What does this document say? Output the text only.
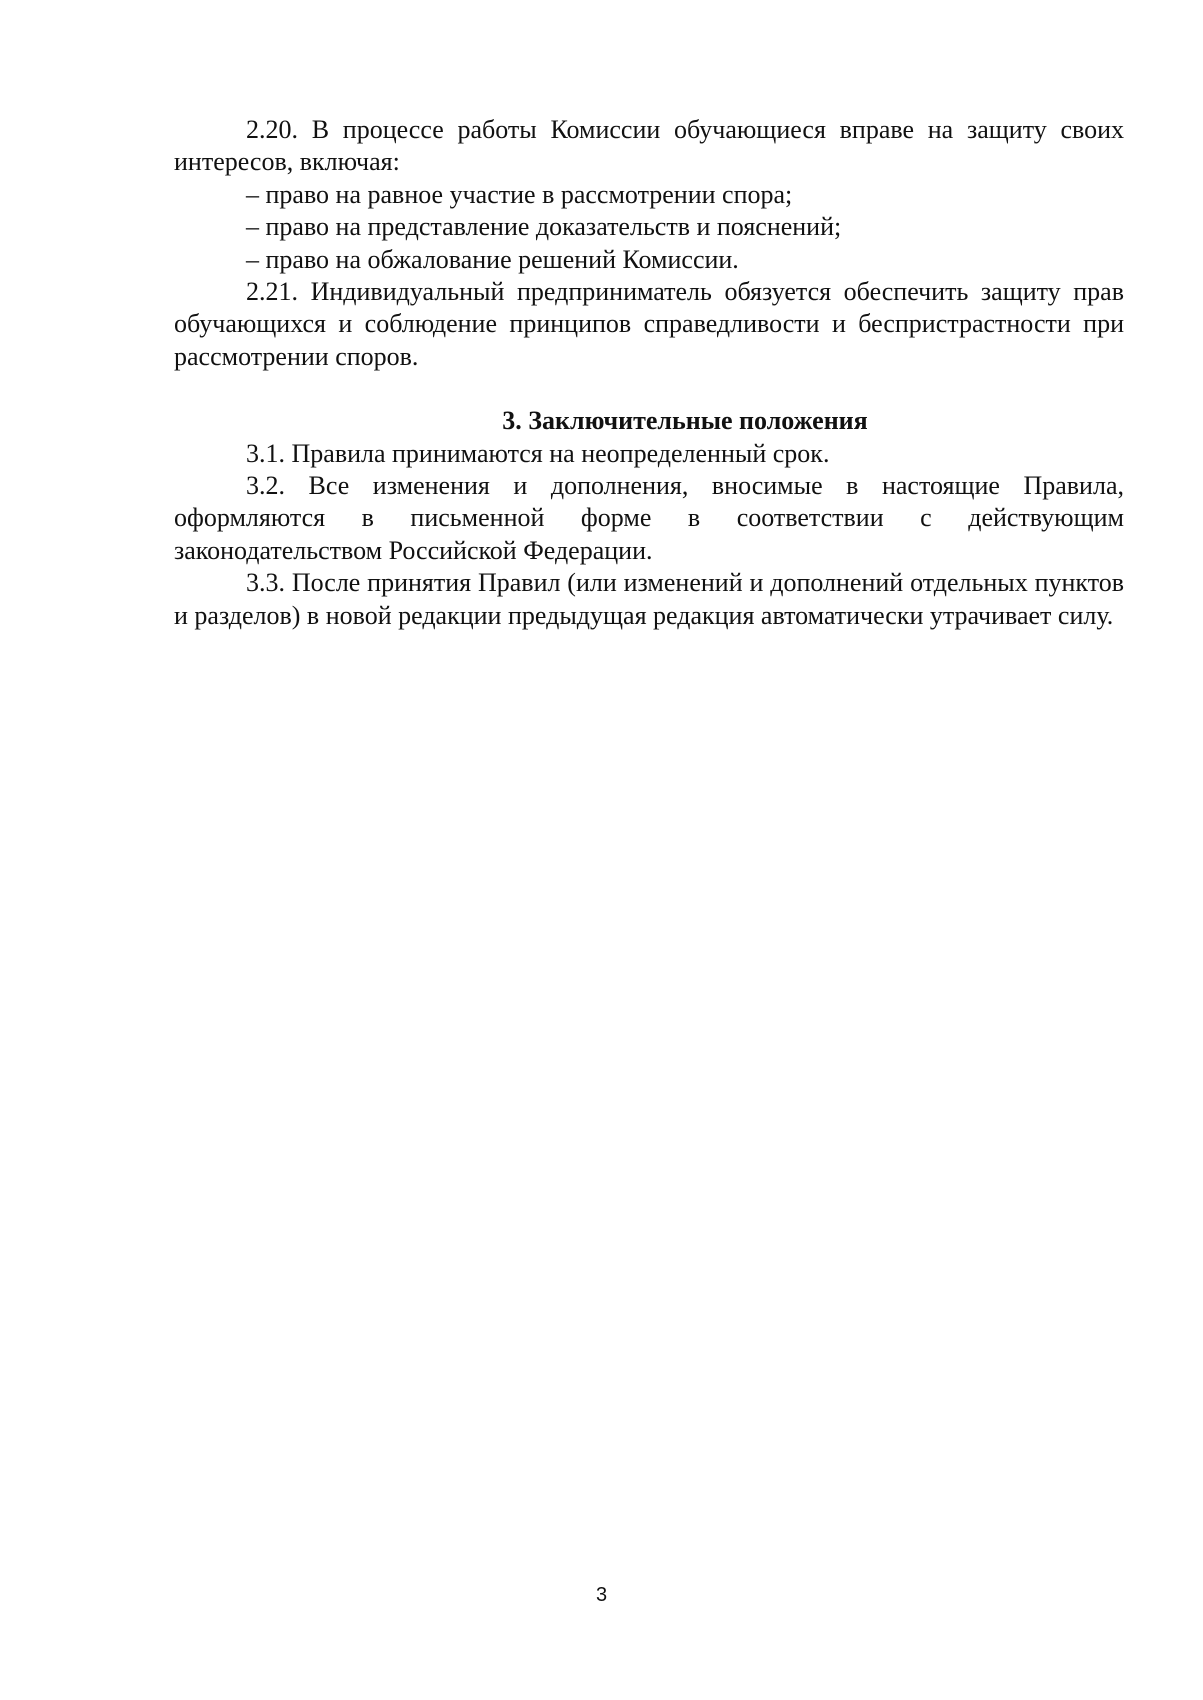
2.20. В процессе работы Комиссии обучающиеся вправе на защиту своих интересов, включая:

– право на равное участие в рассмотрении спора;

– право на представление доказательств и пояснений;

– право на обжалование решений Комиссии.

2.21. Индивидуальный предприниматель обязуется обеспечить защиту прав обучающихся и соблюдение принципов справедливости и беспристрастности при рассмотрении споров.

3. Заключительные положения

3.1. Правила принимаются на неопределенный срок.

3.2. Все изменения и дополнения, вносимые в настоящие Правила, оформляются в письменной форме в соответствии с действующим законодательством Российской Федерации.

3.3. После принятия Правил (или изменений и дополнений отдельных пунктов и разделов) в новой редакции предыдущая редакция автоматически утрачивает силу.

3
